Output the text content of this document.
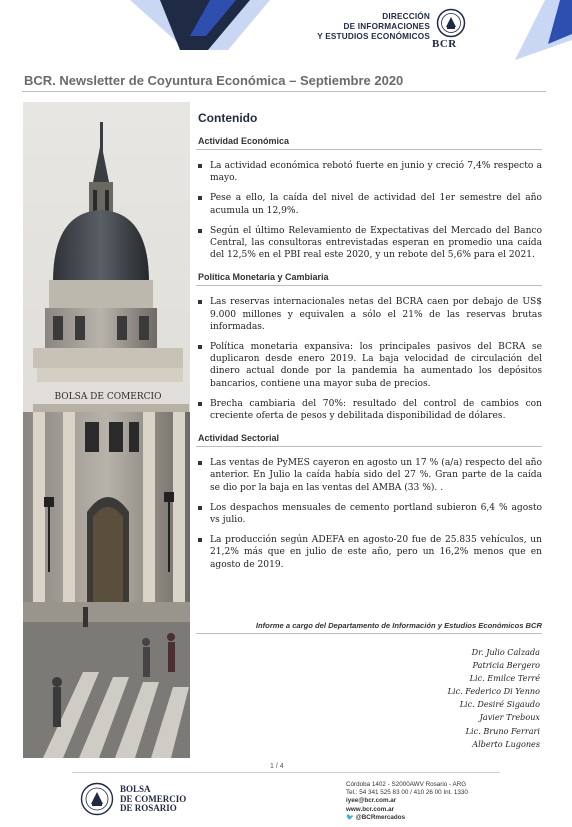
DIRECCIÓN
DE INFORMACIONES
Y ESTUDIOS ECONÓMICOS
BCR
BCR. Newsletter de Coyuntura Económica – Septiembre 2020
BOLSA DE COMERCIO
Contenido
Actividad Económica
La actividad económica rebotó fuerte en junio y creció 7,4% respecto a mayo.
Pese a ello, la caída del nivel de actividad del 1er semestre del año acumula un 12,9%.
Según el último Relevamiento de Expectativas del Mercado del Banco Central, las consultoras entrevistadas esperan en promedio una caída del 12,5% en el PBI real este 2020, y un rebote del 5,6% para el 2021.
Política Monetaria y Cambiaria
Las reservas internacionales netas del BCRA caen por debajo de US$ 9.000 millones y equivalen a sólo el 21% de las reservas brutas informadas.
Política monetaria expansiva: los principales pasivos del BCRA se duplicaron desde enero 2019. La baja velocidad de circulación del dinero actual donde por la pandemia ha aumentado los depósitos bancarios, contiene una mayor suba de precios.
Brecha cambiaria del 70%: resultado del control de cambios con creciente oferta de pesos y debilitada disponibilidad de dólares.
Actividad Sectorial
Las ventas de PyMES cayeron en agosto un 17 % (a/a) respecto del año anterior. En Julio la caída había sido del 27 %. Gran parte de la caída se dio por la baja en las ventas del AMBA (33 %). .
Los despachos mensuales de cemento portland subieron 6,4 % agosto vs julio.
La producción según ADEFA en agosto-20 fue de 25.835 vehículos, un 21,2% más que en julio de este año, pero un 16,2% menos que en agosto de 2019.
Informe a cargo del Departamento de Información y Estudios Económicos BCR
Dr. Julio Calzada
Patricia Bergero
Lic. Emilce Terré
Lic. Federico Di Yenno
Lic. Desiré Sigaudo
Javier Treboux
Lic. Bruno Ferrari
Alberto Lugones
1 / 4
BOLSA
DE COMERCIO
DE ROSARIO
Córdoba 1402 - S2000AWV Rosario - ARG
Tel.: 54 341 525 83 00 / 410 26 00 Int. 1330
iyee@bcr.com.ar
www.bcr.com.ar
🐦 @BCRmercados
